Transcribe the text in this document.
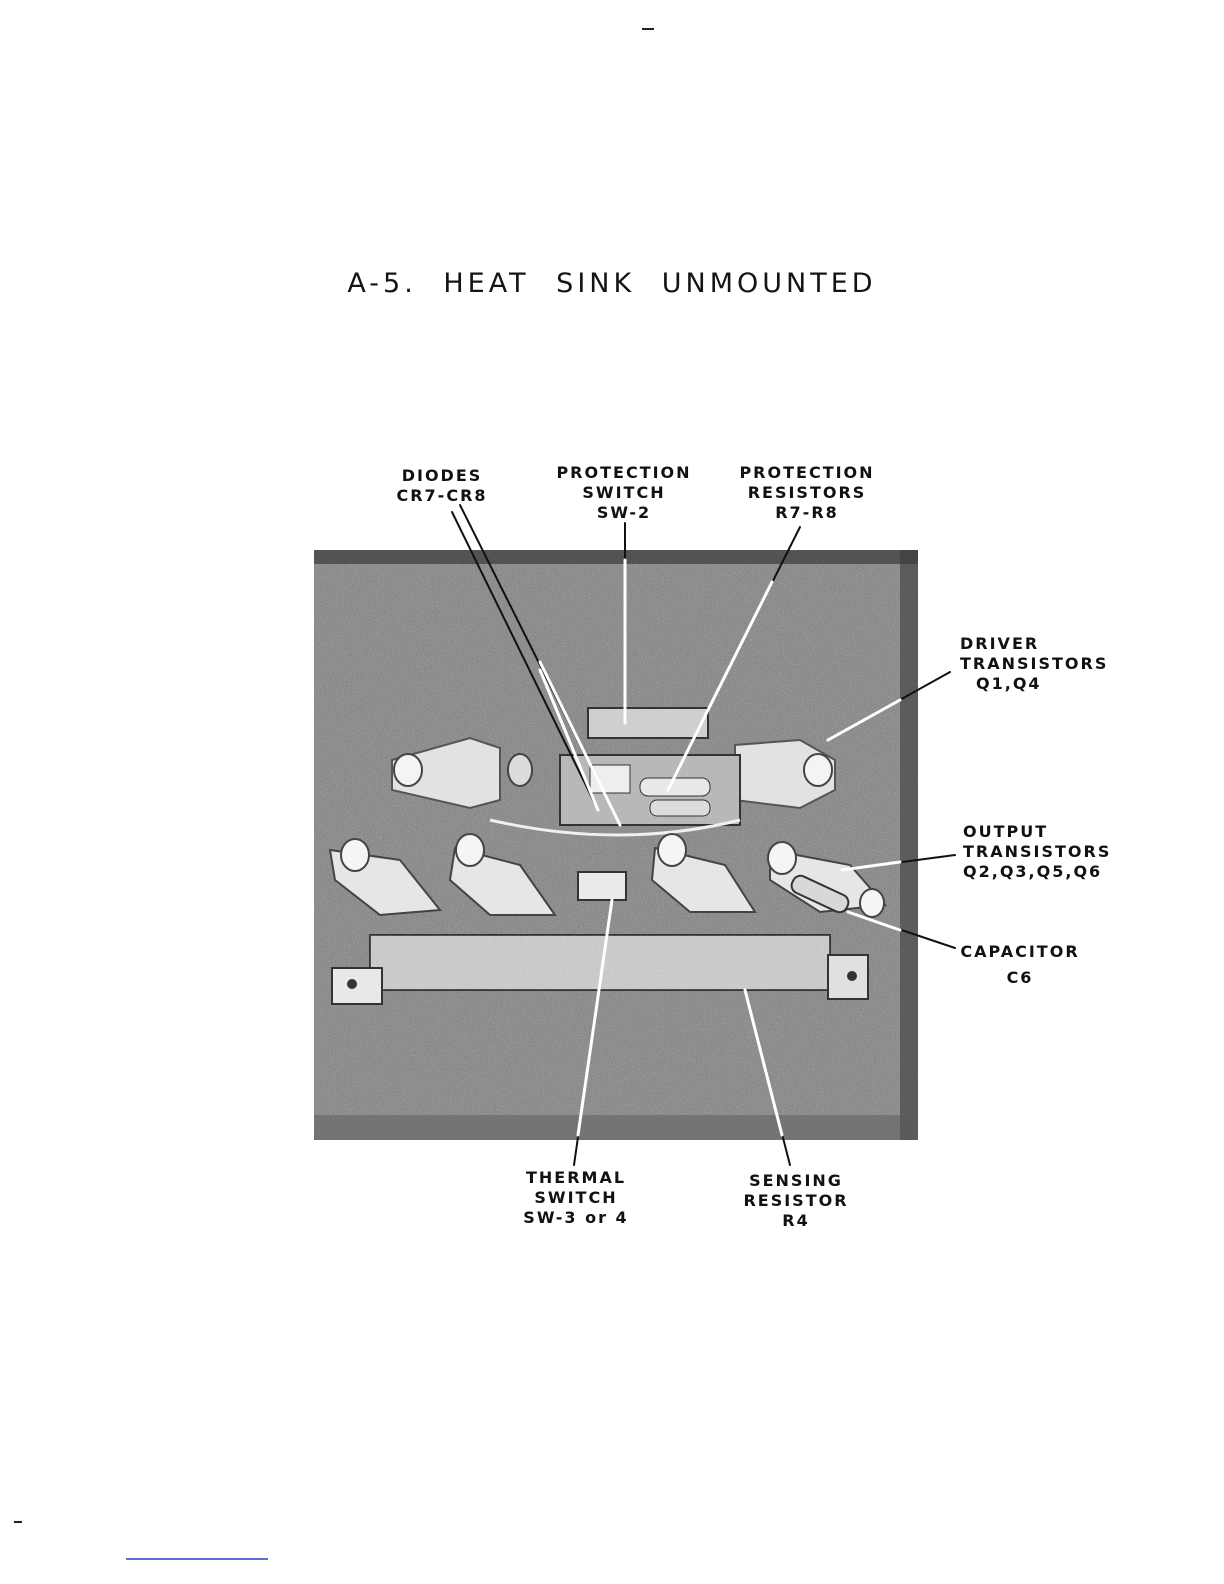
A-5. HEAT SINK UNMOUNTED
DIODES
CR7-CR8
PROTECTION
SWITCH
SW-2
PROTECTION
RESISTORS
R7-R8
DRIVER
TRANSISTORS
Q1,Q4
OUTPUT
TRANSISTORS
Q2,Q3,Q5,Q6
CAPACITOR
C6
THERMAL
SWITCH
SW-3 or 4
SENSING
RESISTOR
R4
